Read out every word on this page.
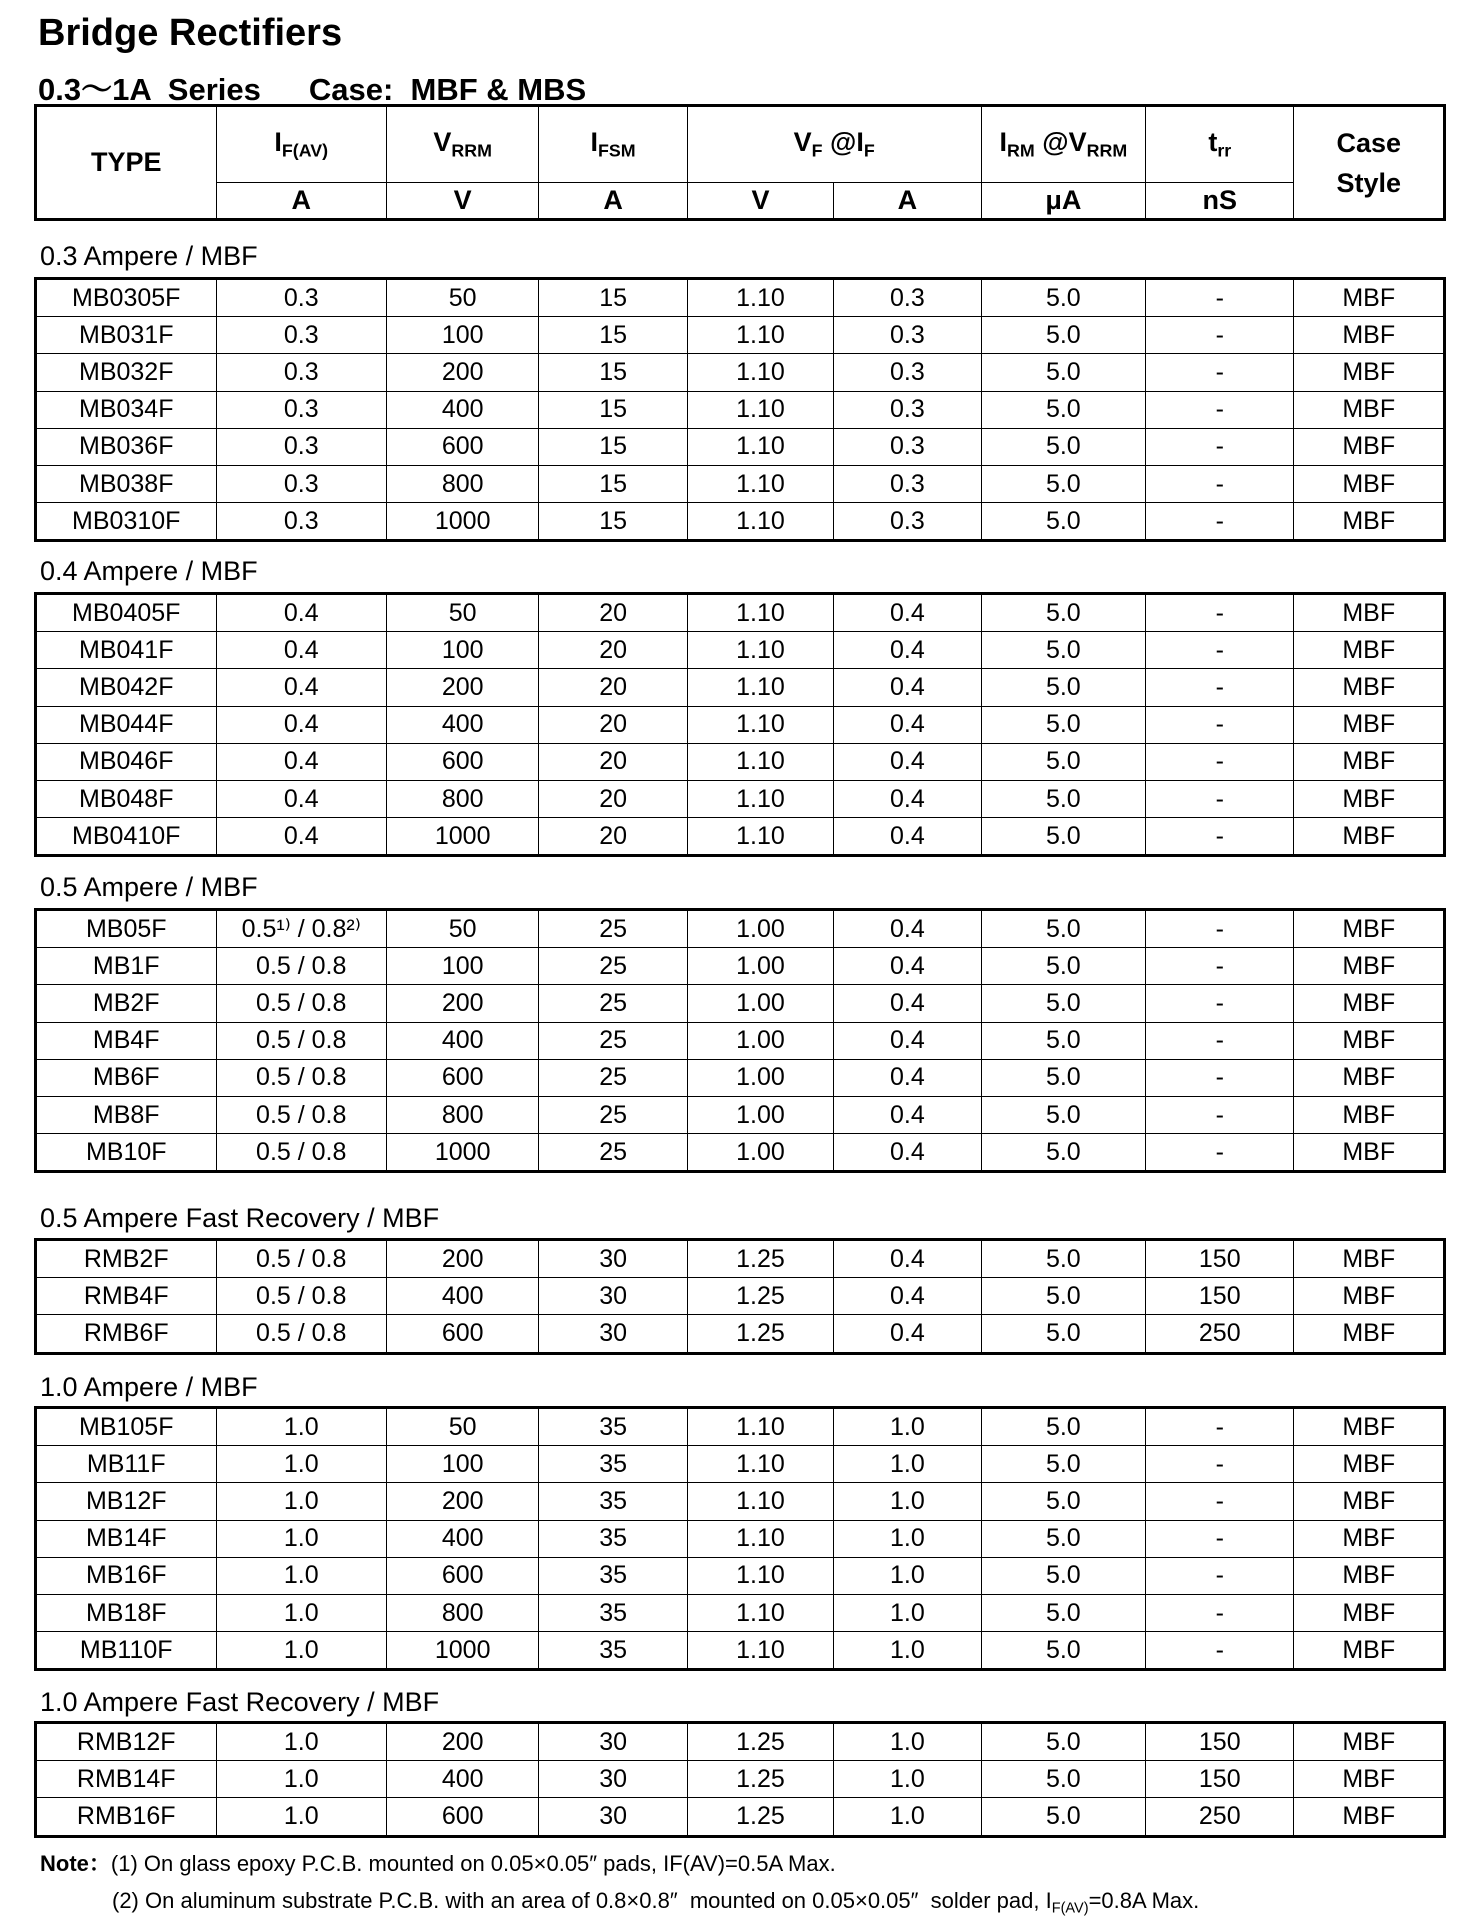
Bridge Rectifiers
0.3～1A  Series Case:  MBF & MBS
TYPE	$I_{F(AV)}$	$V_{RRM}$	$I_{FSM}$	$V_F$ $@I_F$		$I_{RM}$ $@V_{RRM}$	$t_{rr}$	Case Style
	A	V	A	V	A	μA	nS	
0.3 Ampere / MBF
MB0305F	0.3	50	15	1.10	0.3	5.0	-	MBF
MB031F	0.3	100	15	1.10	0.3	5.0	-	MBF
MB032F	0.3	200	15	1.10	0.3	5.0	-	MBF
MB034F	0.3	400	15	1.10	0.3	5.0	-	MBF
MB036F	0.3	600	15	1.10	0.3	5.0	-	MBF
MB038F	0.3	800	15	1.10	0.3	5.0	-	MBF
MB0310F	0.3	1000	15	1.10	0.3	5.0	-	MBF
0.4 Ampere / MBF
MB0405F	0.4	50	20	1.10	0.4	5.0	-	MBF
MB041F	0.4	100	20	1.10	0.4	5.0	-	MBF
MB042F	0.4	200	20	1.10	0.4	5.0	-	MBF
MB044F	0.4	400	20	1.10	0.4	5.0	-	MBF
MB046F	0.4	600	20	1.10	0.4	5.0	-	MBF
MB048F	0.4	800	20	1.10	0.4	5.0	-	MBF
MB0410F	0.4	1000	20	1.10	0.4	5.0	-	MBF
0.5 Ampere / MBF
MB05F	0.5¹⁾ / 0.8²⁾	50	25	1.00	0.4	5.0	-	MBF
MB1F	0.5 / 0.8	100	25	1.00	0.4	5.0	-	MBF
MB2F	0.5 / 0.8	200	25	1.00	0.4	5.0	-	MBF
MB4F	0.5 / 0.8	400	25	1.00	0.4	5.0	-	MBF
MB6F	0.5 / 0.8	600	25	1.00	0.4	5.0	-	MBF
MB8F	0.5 / 0.8	800	25	1.00	0.4	5.0	-	MBF
MB10F	0.5 / 0.8	1000	25	1.00	0.4	5.0	-	MBF
0.5 Ampere Fast Recovery / MBF
RMB2F	0.5 / 0.8	200	30	1.25	0.4	5.0	150	MBF
RMB4F	0.5 / 0.8	400	30	1.25	0.4	5.0	150	MBF
RMB6F	0.5 / 0.8	600	30	1.25	0.4	5.0	250	MBF
1.0 Ampere / MBF
MB105F	1.0	50	35	1.10	1.0	5.0	-	MBF
MB11F	1.0	100	35	1.10	1.0	5.0	-	MBF
MB12F	1.0	200	35	1.10	1.0	5.0	-	MBF
MB14F	1.0	400	35	1.10	1.0	5.0	-	MBF
MB16F	1.0	600	35	1.10	1.0	5.0	-	MBF
MB18F	1.0	800	35	1.10	1.0	5.0	-	MBF
MB110F	1.0	1000	35	1.10	1.0	5.0	-	MBF
1.0 Ampere Fast Recovery / MBF
RMB12F	1.0	200	30	1.25	1.0	5.0	150	MBF
RMB14F	1.0	400	30	1.25	1.0	5.0	150	MBF
RMB16F	1.0	600	30	1.25	1.0	5.0	250	MBF
Note：(1) On glass epoxy P.C.B. mounted on 0.05×0.05″ pads, IF(AV)=0.5A Max.
(2) On aluminum substrate P.C.B. with an area of 0.8×0.8″  mounted on 0.05×0.05″  solder pad, $I_{F(AV)}=0.8A$ Max.
